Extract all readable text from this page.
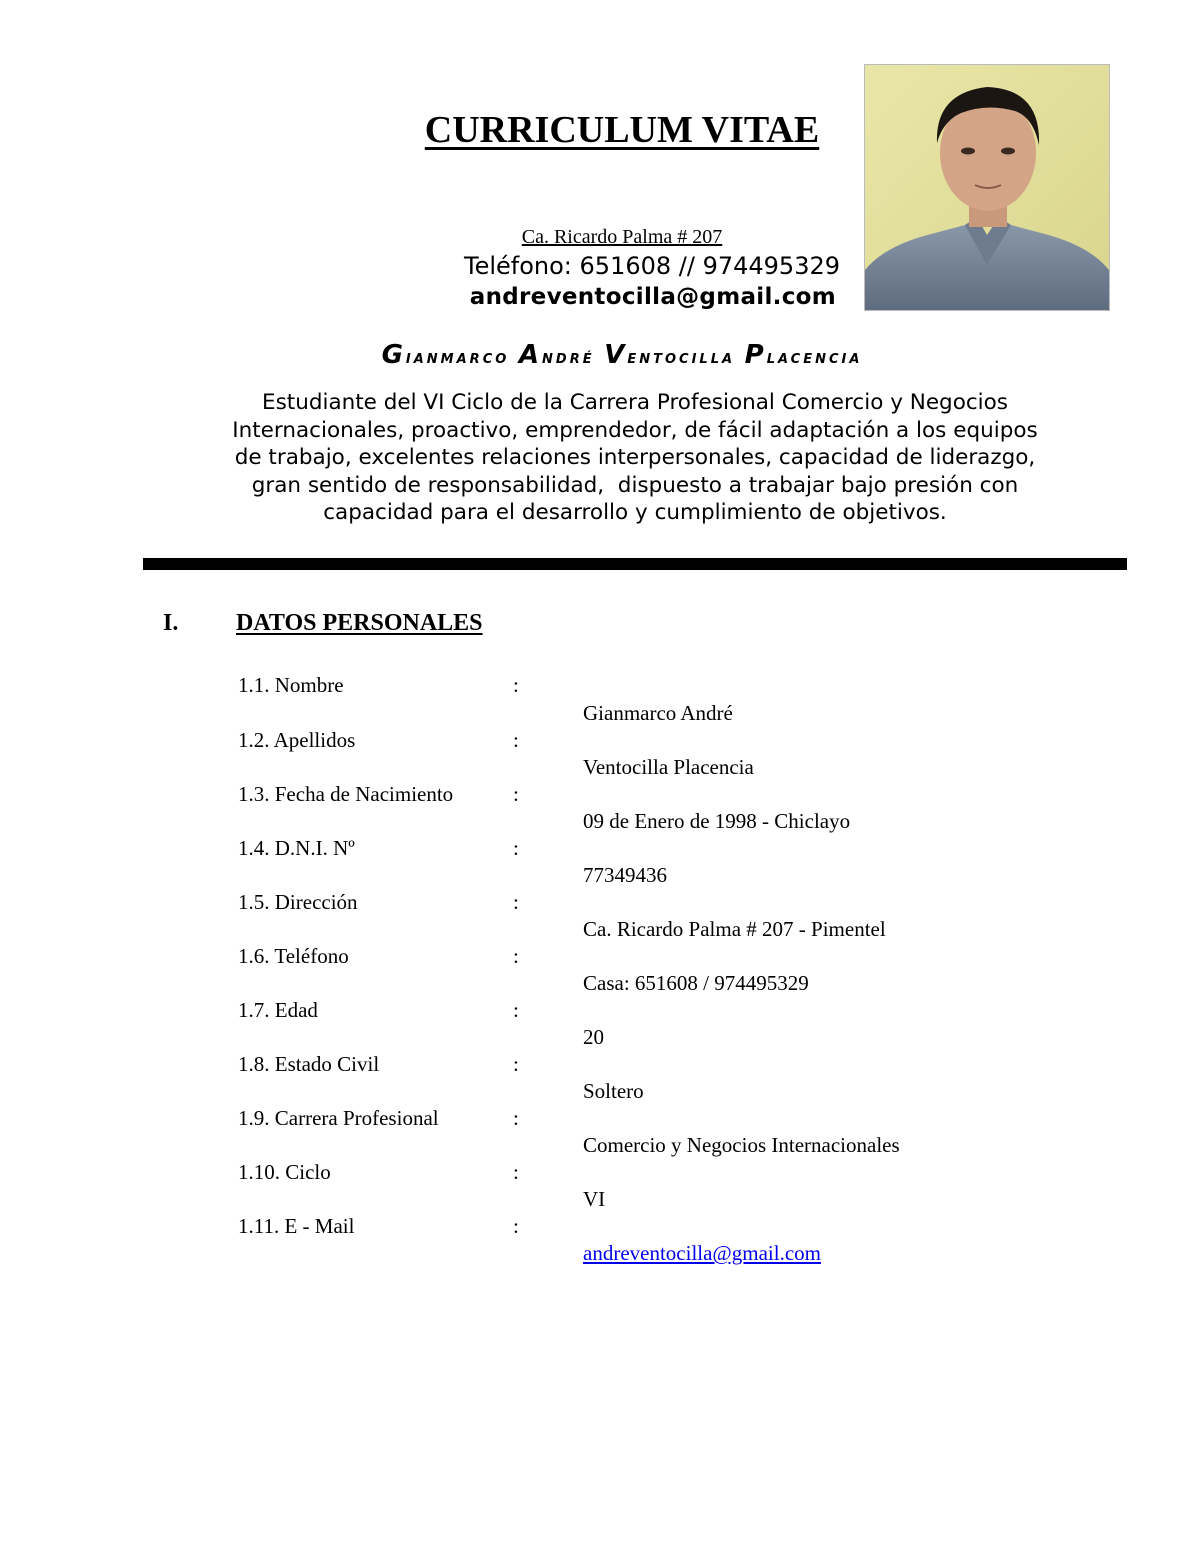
CURRICULUM VITAE
Ca. Ricardo Palma # 207
Teléfono: 651608 // 974495329
andreventocilla@gmail.com
Gianmarco André Ventocilla Placencia
Estudiante del VI Ciclo de la Carrera Profesional Comercio y Negocios
Internacionales, proactivo, emprendedor, de fácil adaptación a los equipos
de trabajo, excelentes relaciones interpersonales, capacidad de liderazgo,
gran sentido de responsabilidad,  dispuesto a trabajar bajo presión con
capacidad para el desarrollo y cumplimiento de objetivos.
I. DATOS PERSONALES
1.1. Nombre	:
Gianmarco André
1.2. Apellidos	:
Ventocilla Placencia
1.3. Fecha de Nacimiento	:
09 de Enero de 1998 - Chiclayo
1.4. D.N.I. Nº	:
77349436
1.5. Dirección	:
Ca. Ricardo Palma # 207 - Pimentel
1.6. Teléfono	:
Casa: 651608 / 974495329
1.7. Edad	:
20
1.8. Estado Civil	:
Soltero
1.9. Carrera Profesional	:
Comercio y Negocios Internacionales
1.10. Ciclo	:
VI
1.11. E - Mail	:
andreventocilla@gmail.com
